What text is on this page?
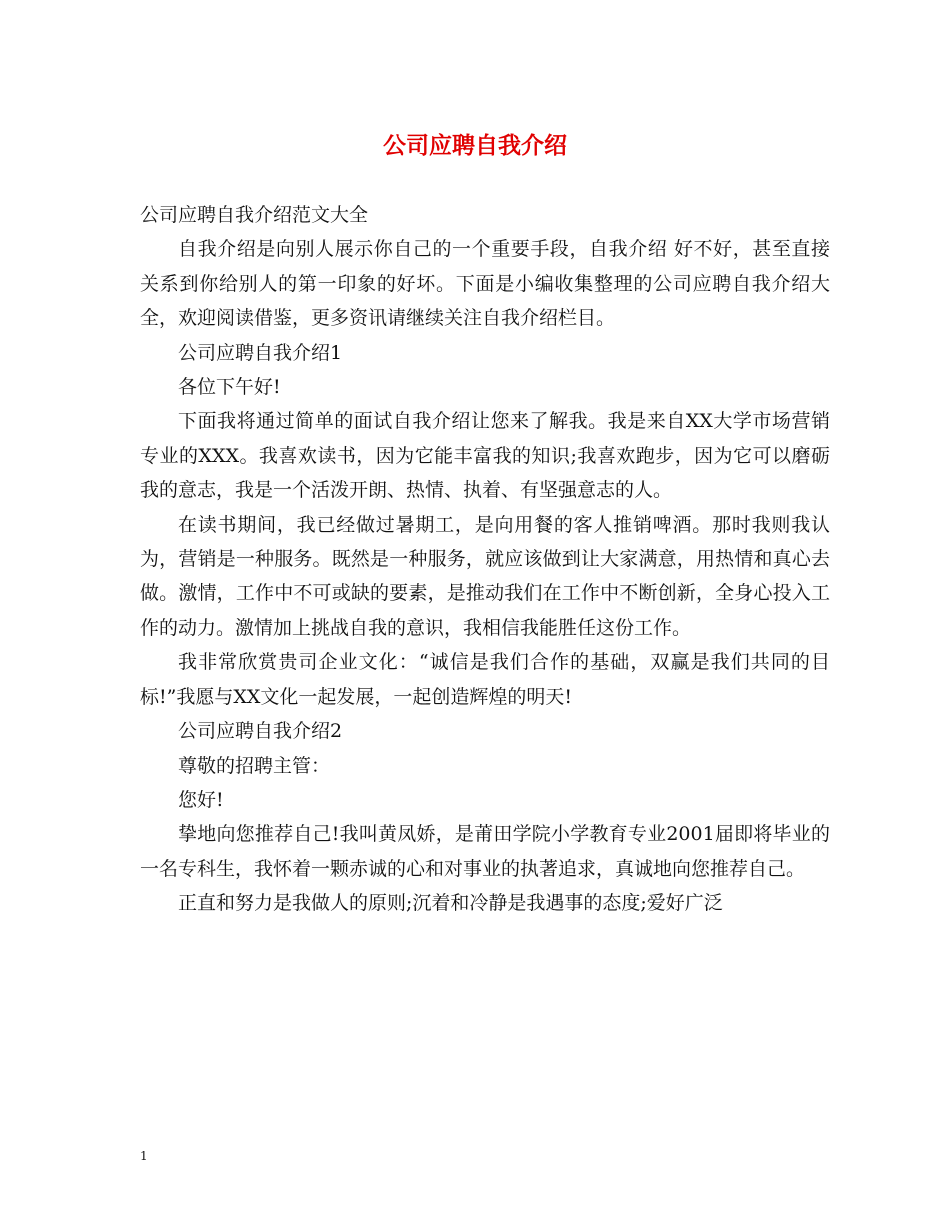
公司应聘自我介绍

公司应聘自我介绍范文大全

自我介绍是向别人展示你自己的一个重要手段，自我介绍 好不好，甚至直接关系到你给别人的第一印象的好坏。下面是小编收集整理的公司应聘自我介绍大全，欢迎阅读借鉴，更多资讯请继续关注自我介绍栏目。

公司应聘自我介绍1

各位下午好!

下面我将通过简单的面试自我介绍让您来了解我。我是来自XX大学市场营销专业的XXX。我喜欢读书，因为它能丰富我的知识;我喜欢跑步，因为它可以磨砺我的意志，我是一个活泼开朗、热情、执着、有坚强意志的人。

在读书期间，我已经做过暑期工，是向用餐的客人推销啤酒。那时我则我认为，营销是一种服务。既然是一种服务，就应该做到让大家满意，用热情和真心去做。激情，工作中不可或缺的要素，是推动我们在工作中不断创新，全身心投入工作的动力。激情加上挑战自我的意识，我相信我能胜任这份工作。

我非常欣赏贵司企业文化：“诚信是我们合作的基础，双赢是我们共同的目标!”我愿与XX文化一起发展，一起创造辉煌的明天!

公司应聘自我介绍2

尊敬的招聘主管：

您好!

挚地向您推荐自己!我叫黄凤娇，是莆田学院小学教育专业2001届即将毕业的一名专科生，我怀着一颗赤诚的心和对事业的执著追求，真诚地向您推荐自己。

正直和努力是我做人的原则;沉着和冷静是我遇事的态度;爱好广泛

1
